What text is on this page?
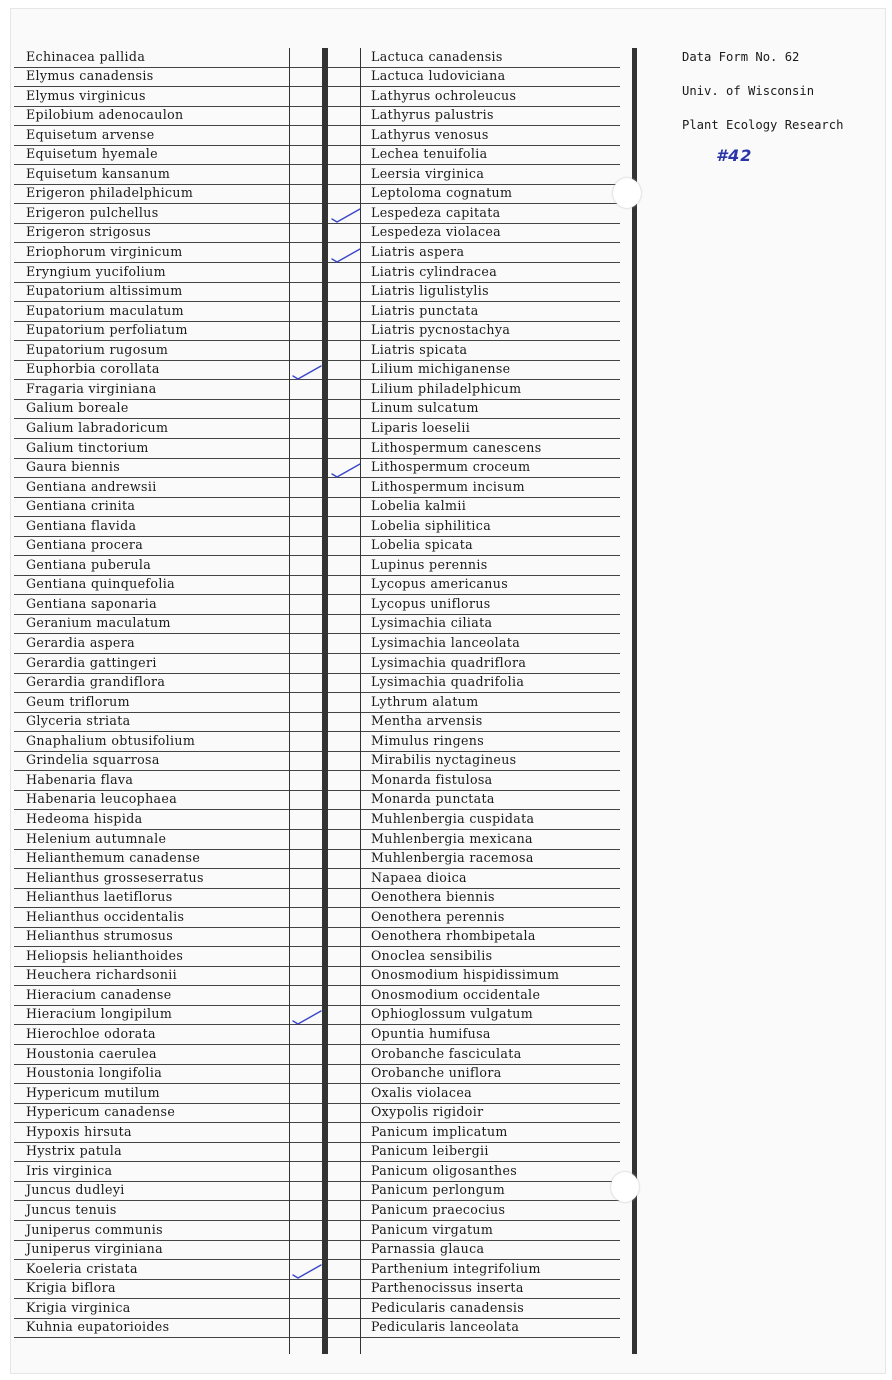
Echinacea pallida
Elymus canadensis
Elymus virginicus
Epilobium adenocaulon
Equisetum arvense
Equisetum hyemale
Equisetum kansanum
Erigeron philadelphicum
Erigeron pulchellus
Erigeron strigosus
Eriophorum virginicum
Eryngium yucifolium
Eupatorium altissimum
Eupatorium maculatum
Eupatorium perfoliatum
Eupatorium rugosum
Euphorbia corollata
Fragaria virginiana
Galium boreale
Galium labradoricum
Galium tinctorium
Gaura biennis
Gentiana andrewsii
Gentiana crinita
Gentiana flavida
Gentiana procera
Gentiana puberula
Gentiana quinquefolia
Gentiana saponaria
Geranium maculatum
Gerardia aspera
Gerardia gattingeri
Gerardia grandiflora
Geum triflorum
Glyceria striata
Gnaphalium obtusifolium
Grindelia squarrosa
Habenaria flava
Habenaria leucophaea
Hedeoma hispida
Helenium autumnale
Helianthemum canadense
Helianthus grosseserratus
Helianthus laetiflorus
Helianthus occidentalis
Helianthus strumosus
Heliopsis helianthoides
Heuchera richardsonii
Hieracium canadense
Hieracium longipilum
Hierochloe odorata
Houstonia caerulea
Houstonia longifolia
Hypericum mutilum
Hypericum canadense
Hypoxis hirsuta
Hystrix patula
Iris virginica
Juncus dudleyi
Juncus tenuis
Juniperus communis
Juniperus virginiana
Koeleria cristata
Krigia biflora
Krigia virginica
Kuhnia eupatorioides
Lactuca canadensis
Lactuca ludoviciana
Lathyrus ochroleucus
Lathyrus palustris
Lathyrus venosus
Lechea tenuifolia
Leersia virginica
Leptoloma cognatum
Lespedeza capitata
Lespedeza violacea
Liatris aspera
Liatris cylindracea
Liatris ligulistylis
Liatris punctata
Liatris pycnostachya
Liatris spicata
Lilium michiganense
Lilium philadelphicum
Linum sulcatum
Liparis loeselii
Lithospermum canescens
Lithospermum croceum
Lithospermum incisum
Lobelia kalmii
Lobelia siphilitica
Lobelia spicata
Lupinus perennis
Lycopus americanus
Lycopus uniflorus
Lysimachia ciliata
Lysimachia lanceolata
Lysimachia quadriflora
Lysimachia quadrifolia
Lythrum alatum
Mentha arvensis
Mimulus ringens
Mirabilis nyctagineus
Monarda fistulosa
Monarda punctata
Muhlenbergia cuspidata
Muhlenbergia mexicana
Muhlenbergia racemosa
Napaea dioica
Oenothera biennis
Oenothera perennis
Oenothera rhombipetala
Onoclea sensibilis
Onosmodium hispidissimum
Onosmodium occidentale
Ophioglossum vulgatum
Opuntia humifusa
Orobanche fasciculata
Orobanche uniflora
Oxalis violacea
Oxypolis rigidoir
Panicum implicatum
Panicum leibergii
Panicum oligosanthes
Panicum perlongum
Panicum praecocius
Panicum virgatum
Parnassia glauca
Parthenium integrifolium
Parthenocissus inserta
Pedicularis canadensis
Pedicularis lanceolata
Data Form No. 62
Univ. of Wisconsin
Plant Ecology Research
#42
